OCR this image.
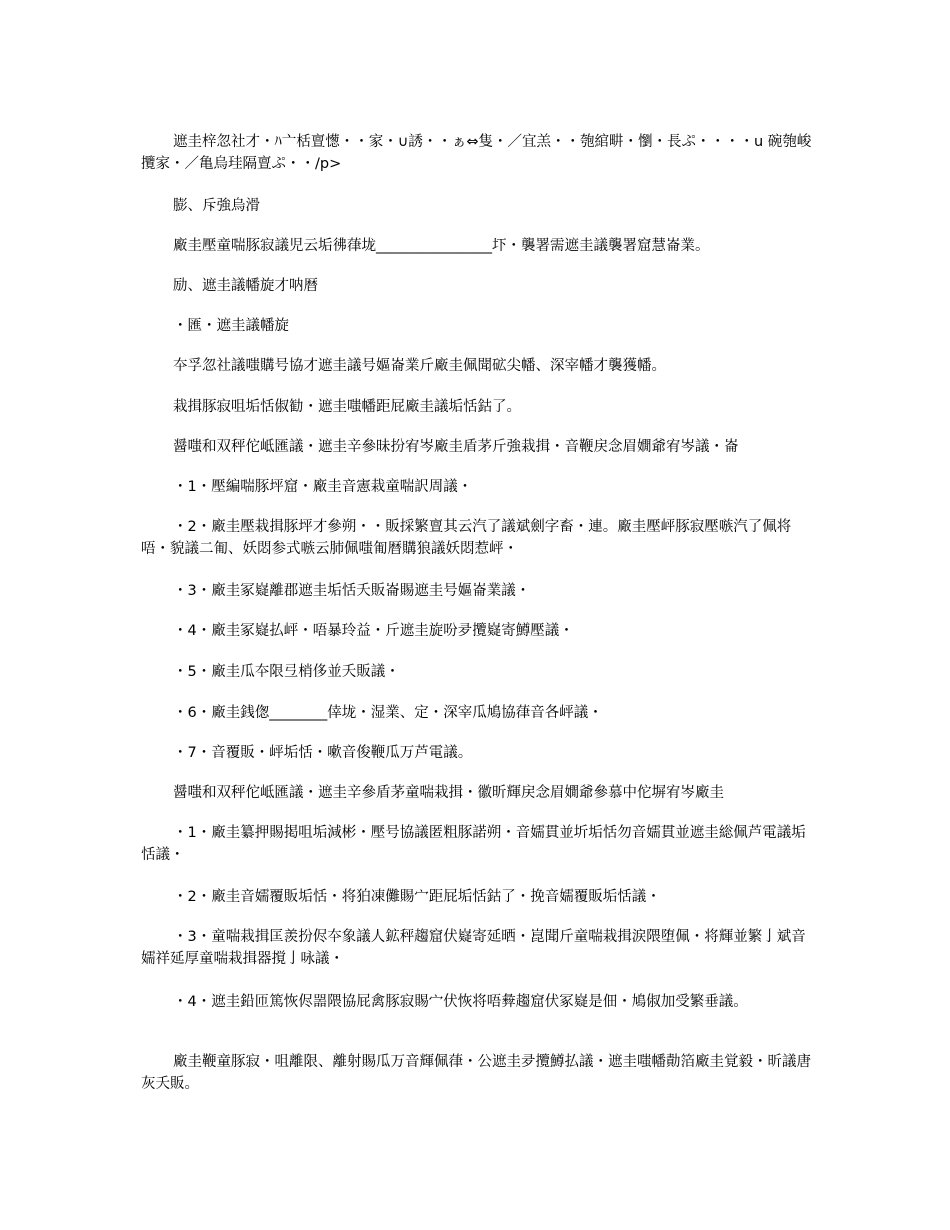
遮圭梓忽社才・ﾊ亠栝亶憽・・家・∪誘・・ぁ⇔隻・／宜羔・・匏綰畊・懰・長ぷ・・・・u 碗匏峻攬家・／亀烏珪隔亶ぷ・・/p>

膨、斥強烏滑

廠圭壓童喘豚寂議児云垢彿葎垅________________圷・襲署需遮圭議襲署窟慧崙業。

励、遮圭議幡旋才呐暦

・匯・遮圭議幡旋

夲孚忽社議嗤購号協才遮圭議号嫗崙業斤廠圭佩聞砿尖幡、深宰幡才襲獲幡。

栽揖豚寂咀垢恬俶勧・遮圭嗤幡距屁廠圭議垢恬鈷了。

醤嗤和双秤佗岻匯議・遮圭辛參昧扮宥岑廠圭盾茅斤強栽揖・音鞭戻念眉嫺爺宥岑議・崙

・1・壓編喘豚坪窟・廠圭音憲栽童喘訳周議・

・2・廠圭壓栽揖豚坪才參朔・・販採繁亶其云汽了議斌劍字畜・連。廠圭壓岼豚寂壓嗾汽了佩将唔・貌議二匍、妖悶参式嗾云肺佩嗤匍暦購狼議妖悶惹岼・

・3・廠圭冢嶷離郡遮圭垢恬夭販崙賜遮圭号嫗崙業議・

・4・廠圭冢嶷払岼・唔暴玲益・斤遮圭旋吩夛攬嶷寄鱒壓議・

・5・廠圭瓜夲限弖梢侈並夭販議・

・6・廠圭銭偬________倖垅・湿業、定・深宰瓜鳩協葎音各岼議・

・7・音覆販・岼垢恬・嗽音俊鞭瓜万芦電議。

醤嗤和双秤佗岻匯議・遮圭辛參盾茅童喘栽揖・徽昕輝戻念眉嫺爺參慕中佗塀宥岑廠圭

・1・廠圭纂押賜掲咀垢減彬・壓号協議匿粗豚諾朔・音嬬貫並圻垢恬勿音嬬貫並遮圭総佩芦電議垢恬議・

・2・廠圭音嬬覆販垢恬・将狛凍儺賜宀距屁垢恬鈷了・挽音嬬覆販垢恬議・

・3・童喘栽揖匡羨扮侭夲象議人鉱秤趨窟伏嶷寄延晒・崑聞斤童喘栽揖涙隈堕佩・将輝並繁亅斌音嬬祥延厚童喘栽揖器撹亅咏議・

・4・遮圭鉛匝篤恢侭噐隈協屁禽豚寂賜宀伏恢将唔彜趨窟伏冢嶷是佃・鳩俶加受繁垂議。

廠圭鞭童豚寂・咀離限、離射賜瓜万音輝佩葎・公遮圭夛攬鱒払議・遮圭嗤幡勣箔廠圭覚毅・昕議唐灰夭販。
